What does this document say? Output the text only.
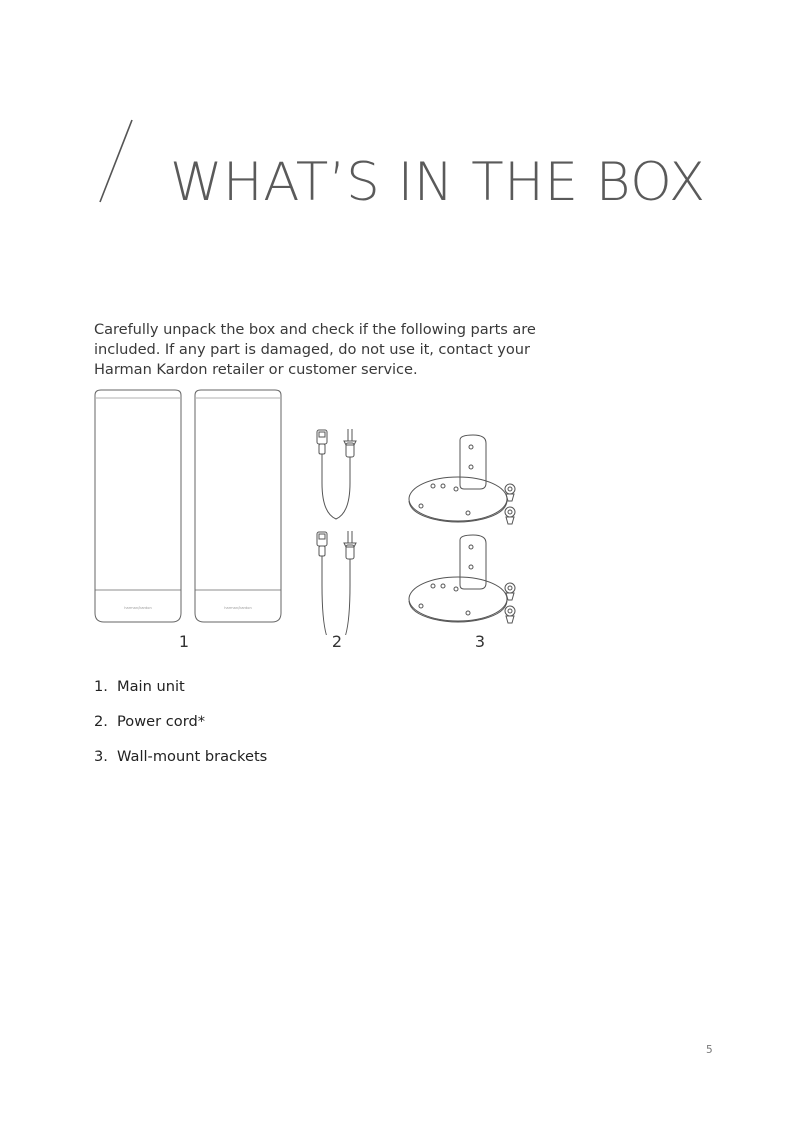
WHAT’S IN THE BOX
Carefully unpack the box and check if the following parts are
included. If any part is damaged, do not use it, contact your
Harman Kardon retailer or customer service.
harman/kardon	harman/kardon
1	2	3
1. Main unit
2. Power cord*
3. Wall-mount brackets
5
